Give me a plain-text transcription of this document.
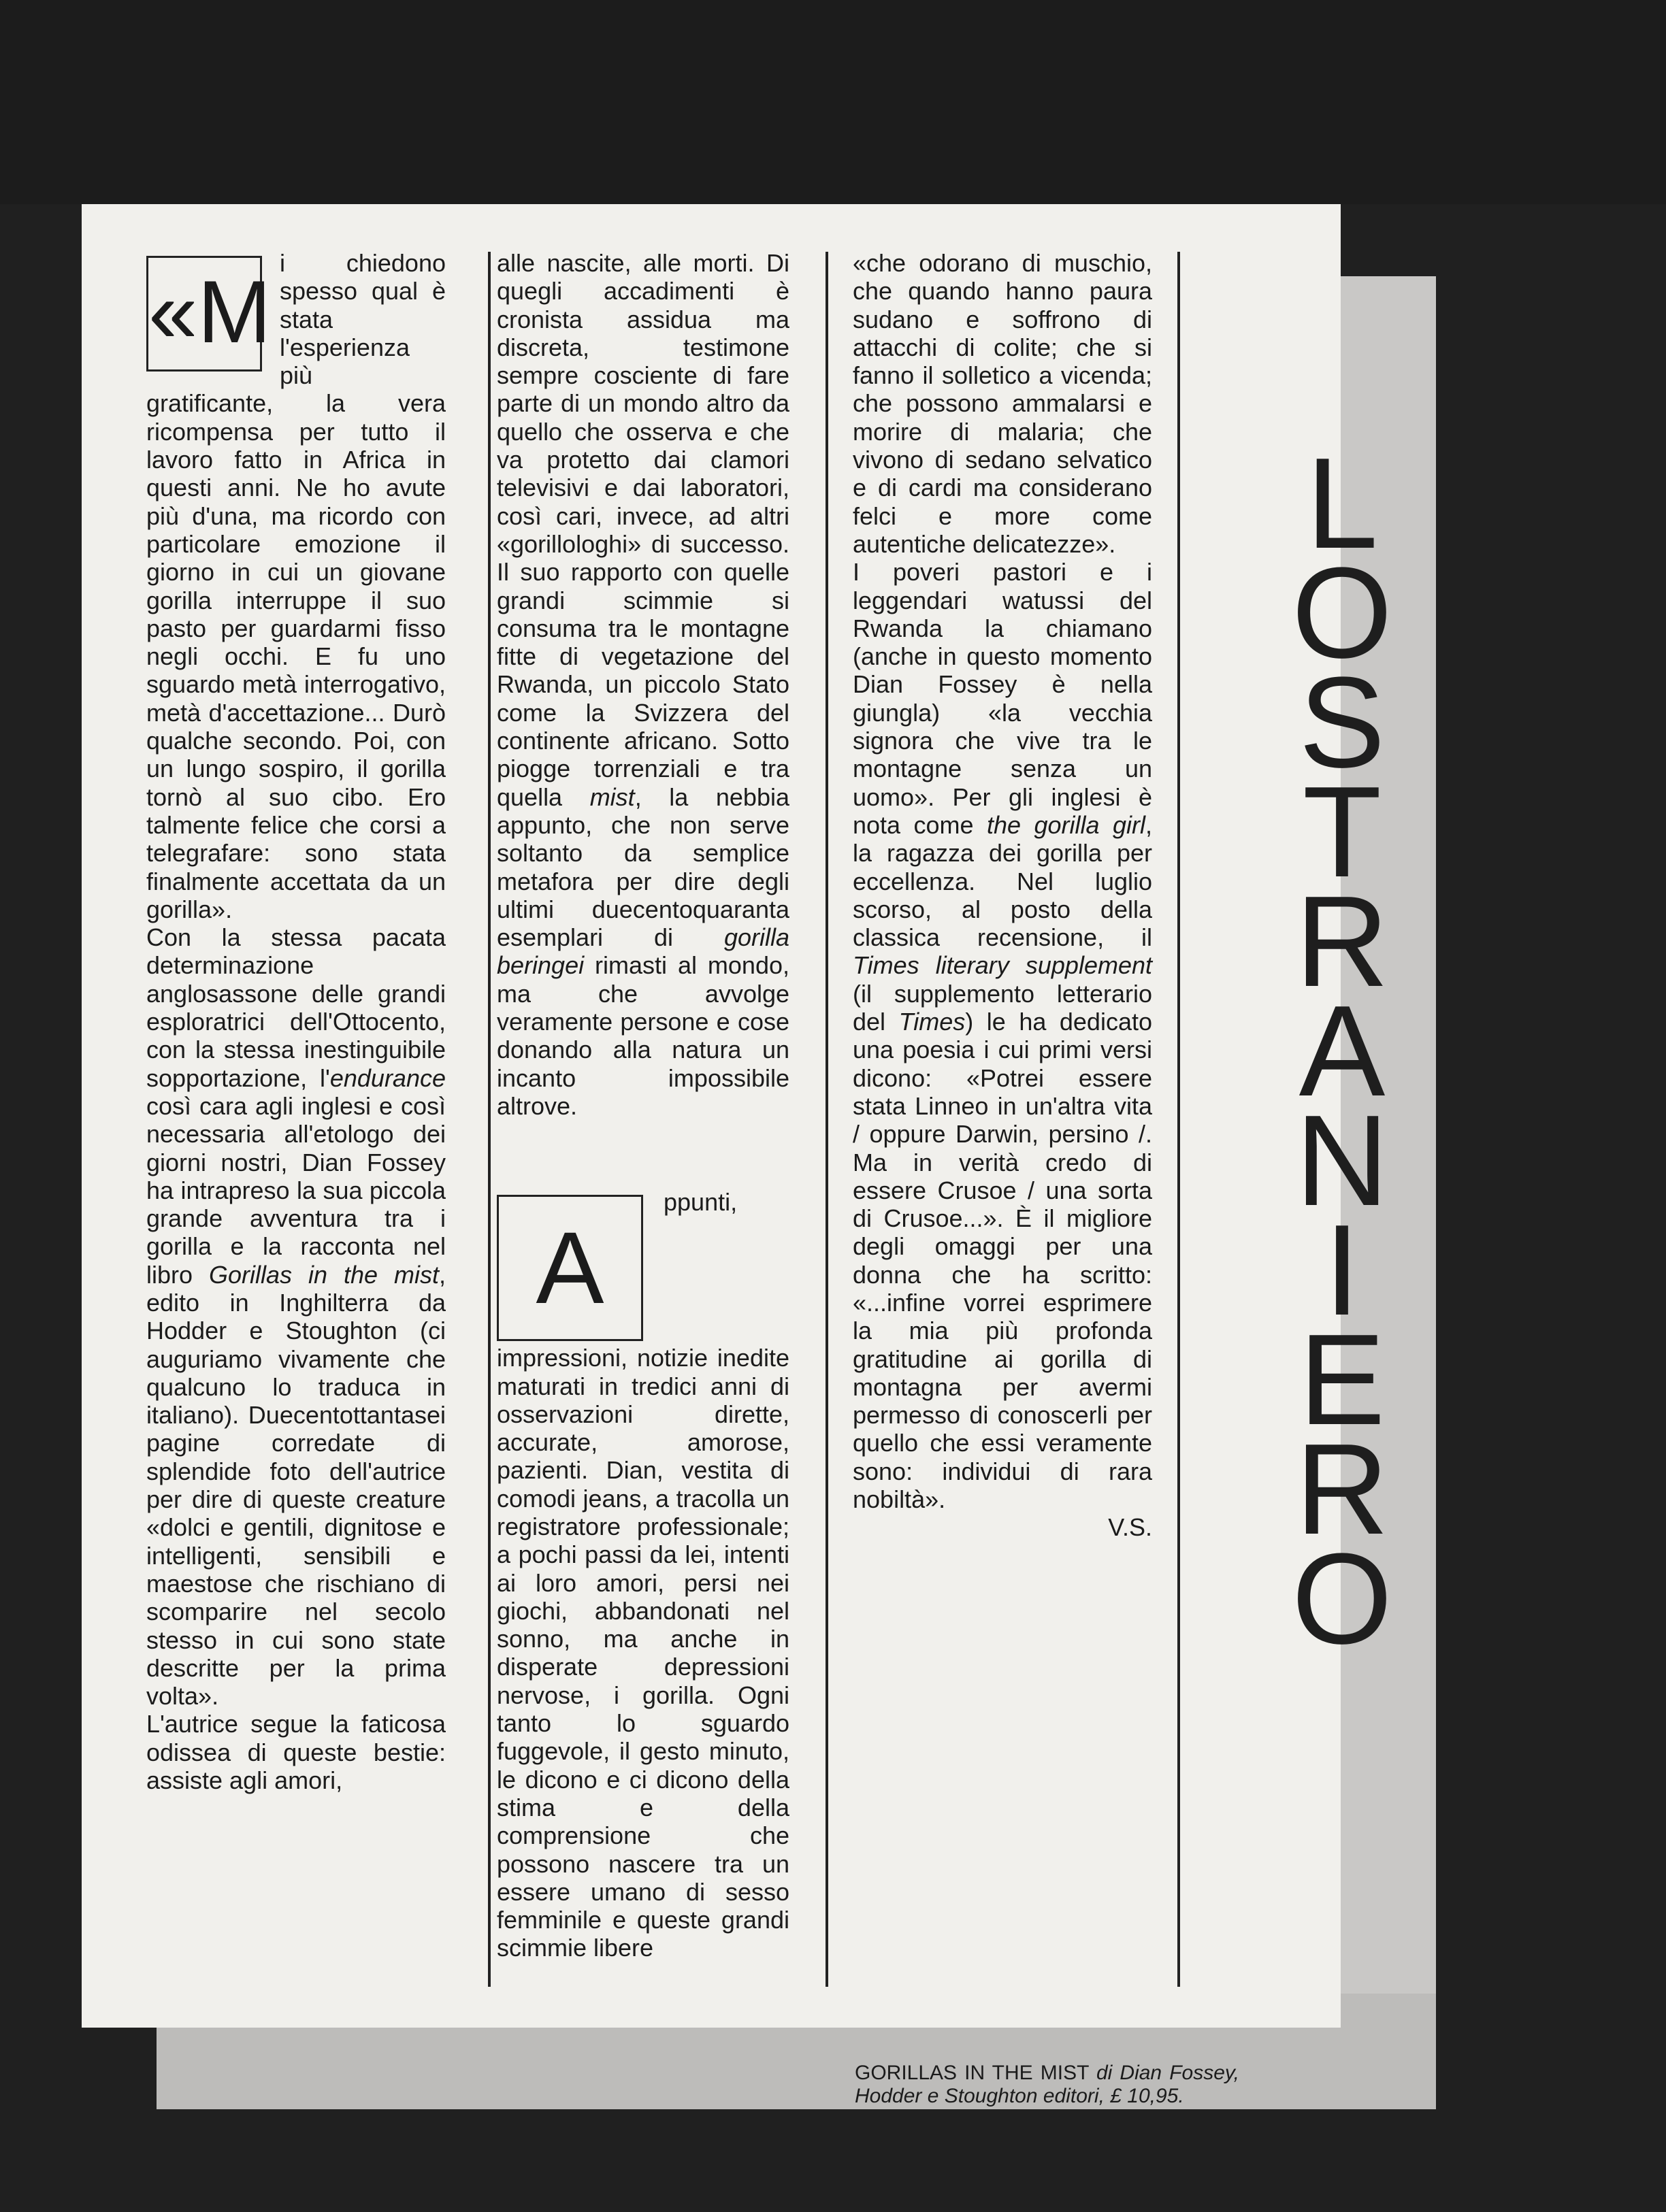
«M i chiedono spesso qual è stata l'esperienza più gratificante, la vera ricompensa per tutto il lavoro fatto in Africa in questi anni. Ne ho avute più d'una, ma ricordo con particolare emozione il giorno in cui un giovane gorilla interruppe il suo pasto per guardarmi fisso negli occhi. E fu uno sguardo metà interrogativo, metà d'accettazione... Durò qualche secondo. Poi, con un lungo sospiro, il gorilla tornò al suo cibo. Ero talmente felice che corsi a telegrafare: sono stata finalmente accettata da un gorilla».

Con la stessa pacata determinazione anglosassone delle grandi esploratrici dell'Ottocento, con la stessa inestinguibile sopportazione, l'endurance così cara agli inglesi e così necessaria all'etologo dei giorni nostri, Dian Fossey ha intrapreso la sua piccola grande avventura tra i gorilla e la racconta nel libro Gorillas in the mist, edito in Inghilterra da Hodder e Stoughton (ci auguriamo vivamente che qualcuno lo traduca in italiano). Duecentottantasei pagine corredate di splendide foto dell'autrice per dire di queste creature «dolci e gentili, dignitose e intelligenti, sensibili e maestose che rischiano di scomparire nel secolo stesso in cui sono state descritte per la prima volta».

L'autrice segue la faticosa odissea di queste bestie: assiste agli amori,

alle nascite, alle morti. Di quegli accadimenti è cronista assidua ma discreta, testimone sempre cosciente di fare parte di un mondo altro da quello che osserva e che va protetto dai clamori televisivi e dai laboratori, così cari, invece, ad altri «gorillologhi» di successo. Il suo rapporto con quelle grandi scimmie si consuma tra le montagne fitte di vegetazione del Rwanda, un piccolo Stato come la Svizzera del continente africano. Sotto piogge torrenziali e tra quella mist, la nebbia appunto, che non serve soltanto da semplice metafora per dire degli ultimi duecentoquaranta esemplari di gorilla beringei rimasti al mondo, ma che avvolge veramente persone e cose donando alla natura un incanto impossibile altrove.

A
ppunti, impressioni, notizie inedite maturati in tredici anni di osservazioni dirette, accurate, amorose, pazienti. Dian, vestita di comodi jeans, a tracolla un registratore professionale; a pochi passi da lei, intenti ai loro amori, persi nei giochi, abbandonati nel sonno, ma anche in disperate depressioni nervose, i gorilla. Ogni tanto lo sguardo fuggevole, il gesto minuto, le dicono e ci dicono della stima e della comprensione che possono nascere tra un essere umano di sesso femminile e queste grandi scimmie libere

«che odorano di muschio, che quando hanno paura sudano e soffrono di attacchi di colite; che si fanno il solletico a vicenda; che possono ammalarsi e morire di malaria; che vivono di sedano selvatico e di cardi ma considerano felci e more come autentiche delicatezze».

I poveri pastori e i leggendari watussi del Rwanda la chiamano (anche in questo momento Dian Fossey è nella giungla) «la vecchia signora che vive tra le montagne senza un uomo». Per gli inglesi è nota come the gorilla girl, la ragazza dei gorilla per eccellenza. Nel luglio scorso, al posto della classica recensione, il Times literary supplement (il supplemento letterario del Times) le ha dedicato una poesia i cui primi versi dicono: «Potrei essere stata Linneo in un'altra vita / oppure Darwin, persino /. Ma in verità credo di essere Crusoe / una sorta di Crusoe...». È il migliore degli omaggi per una donna che ha scritto: «...infine vorrei esprimere la mia più profonda gratitudine ai gorilla di montagna per avermi permesso di conoscerli per quello che essi veramente sono: individui di rara nobiltà».

V.S.

GORILLAS IN THE MIST di Dian Fossey, Hodder e Stoughton editori, £ 10,95.
L
O
S
T
R
A
N
I
E
R
O
